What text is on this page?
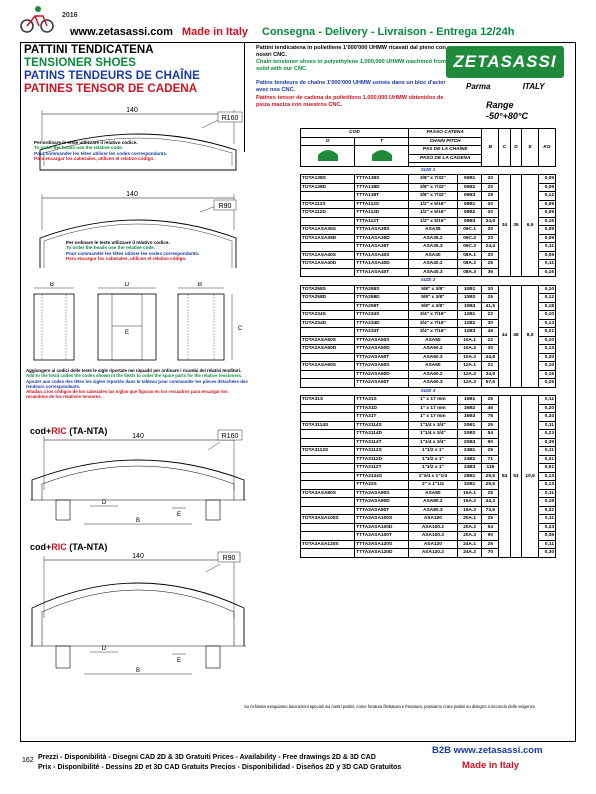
2016
www.zetasassi.com Made in Italy Consegna - Delivery - Livraison - Entrega 12/24h
PATTINI TENDICATENA
TENSIONER SHOES
PATINS TENDEURS DE CHAÎNE
PATINES TENSOR DE CADENA
Pattini tendicatena in polietilene 1'000'000 UHMW ricavati dal pieno con nostri CNC.
Chain tensioner shoes in polyethylene 1,000,000 UHMW machined from solid with our CNC.
Patins tendeurs de chaîne 1'000'000 UHMW usinés dans un bloc d'acier avec nos CNC.
Patines tensor de cadena de polietileno 1.000.000 UHMW obtenidos de pieza maciza con nuestros CNC.
ZETASASSI
Parma	ITALY
Range
-50°+80°C
140
R160
Per ordinare le teste utilizzare il relativo codice.
To order the heads use the relative code.
Pour commander les têtes utiliser les codes correspondants.
Para encargar los cabezales, utilicen el relativo código.
140
R90
Per ordinare le teste utilizzare il relativo codice.
To order the heads use the relative code.
Pour commander les têtes utiliser les codes correspondants.
Para encargar los cabezales, utilicen el relativo código.
B	D
E
B
C
Aggiungere ai codici delle teste le sigle riportate nei riquadri per ordinare i ricambi dei relativi tenditori.
Add to the head codes the codes shown in the fields to order the spare parts for the relative tensioners.
Ajouter aux codes des têtes les sigles reportés dans le tableau pour commander les pièces détachées des tendeurs correspondants.
Añadan a los códigos de los cabezales las siglas que figuran en los recuadros para encargar los recambios de los relativos tensores.
cod+RIC (TA-NTA)
140	R160
D
E
B
cod+RIC (TA-NTA)
140	R90
D
E
B
COD		PASSO CATENA		B	C	D	E	KG
O	T	CHAIN PITCH						
		PAS DE LA CHAÎNE						
		PASO DE LA CADENA						

SIZE 1								
TOTA138S	TTTA138S	3/8" x 7/32"	06B1	20	34	35	6,5	0,09
TOTA138D	TTTA138D	3/8" x 7/32"	06B2	20				0,09
	TTTA138T	3/8" x 7/32"	06B3	28				0,12
TOTA112S	TTTA112S	1/2" x 5/16"	08B1	20				0,09
TOTA112D	TTTA112D	1/2" x 5/16"	08B2	20				0,09
	TTTA112T	1/2" x 5/16"	08B3	34,5				0,15
TOTA1ASA35S	TTTA1ASA35S	ASA35	06C.1	20				0,09
TOTA1ASA35D	TTTA1ASA35D	ASA35.2	06C.2	20				0,09
	TTTA1ASA35T	ASA35.3	06C.3	24,4				0,11
TOTA1ASA40S	TTTA1ASA40S	ASA40	08A.1	20				0,09
TOTA1ASA40D	TTTA1ASA40D	ASA40.2	08A.2	25				0,11
	TTTA1ASA40T	ASA40.3	08A.3	36				0,16
SIZE 2								
TOTA258S	TTTA258S	5/8" x 3/8"	10B1	20	44	46	8,5	0,10
TOTA258D	TTTA258D	5/8" x 3/8"	10B2	25				0,12
	TTTA258T	5/8" x 3/8"	10B3	41,5				0,18
TOTA234S	TTTA234S	3/4" x 7/16"	12B1	22				0,10
TOTA234D	TTTA234D	3/4" x 7/16"	12B2	30				0,13
	TTTA234T	3/4" x 7/16"	12B3	49				0,21
TOTA2ASA50S	TTTA2ASA50S	ASA50	10A.1	22				0,10
TOTA2ASA50D	TTTA2ASA50D	ASA50.2	10A.2	30				0,13
	TTTA2ASA50T	ASA50.3	10A.3	44,8				0,20
TOTA2ASA60S	TTTA2ASA60S	ASA60	12A.1	22				0,10
	TTTA2ASA60D	ASA60.2	12A.2	34,8				0,15
	TTTA2ASA60T	ASA60.3	12A.3	57,6				0,25
SIZE 3								
TOTA31S	TTTA31S	1" x 17 mm	16B1	25	54	53	10,5	0,11
	TTTA31D	1" x 17 mm	16B2	46				0,20
	TTTA31T	1" x 17 mm	16B3	78				0,34
TOTA3114S	TTTA3114S	1"1/4 x 3/4"	20B1	25				0,11
	TTTA3114D	1"1/4 x 3/4"	20B2	54				0,23
	TTTA3114T	1"1/4 x 3/4"	20B3	90				0,39
TOTA3112S	TTTA3112S	1"1/2 x 1"	24B1	25				0,11
	TTTA3112D	1"1/2 x 1"	24B2	71				0,31
	TTTA3112T	1"1/2 x 1"	24B3	119				0,51
	TTTA3134S	1"3/4 x 1"1/4	28B1	29,5				0,13
	TTTA32S	2" x 1"1/4	32B1	29,5				0,13
TOTA3ASA80S	TTTA3ASA80S	ASA80	16A.1	25				0,11
	TTTA3ASA80D	ASA80.2	16A.2	44,3				0,19
	TTTA3ASA80T	ASA80.3	16A.3	73,6				0,32
TOTA3ASA100S	TTTA3ASA100S	ASA100	20A.1	25				0,11
	TTTA3ASA100D	ASA100.2	20A.2	54				0,23
	TTTA3ASA100T	ASA100.3	20A.3	90				0,39
TOTA3ASA120S	TTTA3ASA120S	ASA120	24A.1	25				0,11
	TTTA3ASA120D	ASA120.2	24A.2	70				0,30
Su richiesta eseguiamo lavorazioni speciali sui nostri pattini, come foratura filettatura e fresatura, possiamo crare pattini su disegno o secondo delle esigenze.
162 Prezzi - Disponibilità - Disegni CAD 2D & 3D Gratuiti Prices - Availability - Free drawings 2D & 3D CAD
Prix - Disponibilité - Dessins 2D et 3D CAD Gratuits Precios - Disponibilidad - Diseños 2D y 3D CAD Gratuitos
B2B www.zetasassi.com
Made in Italy
